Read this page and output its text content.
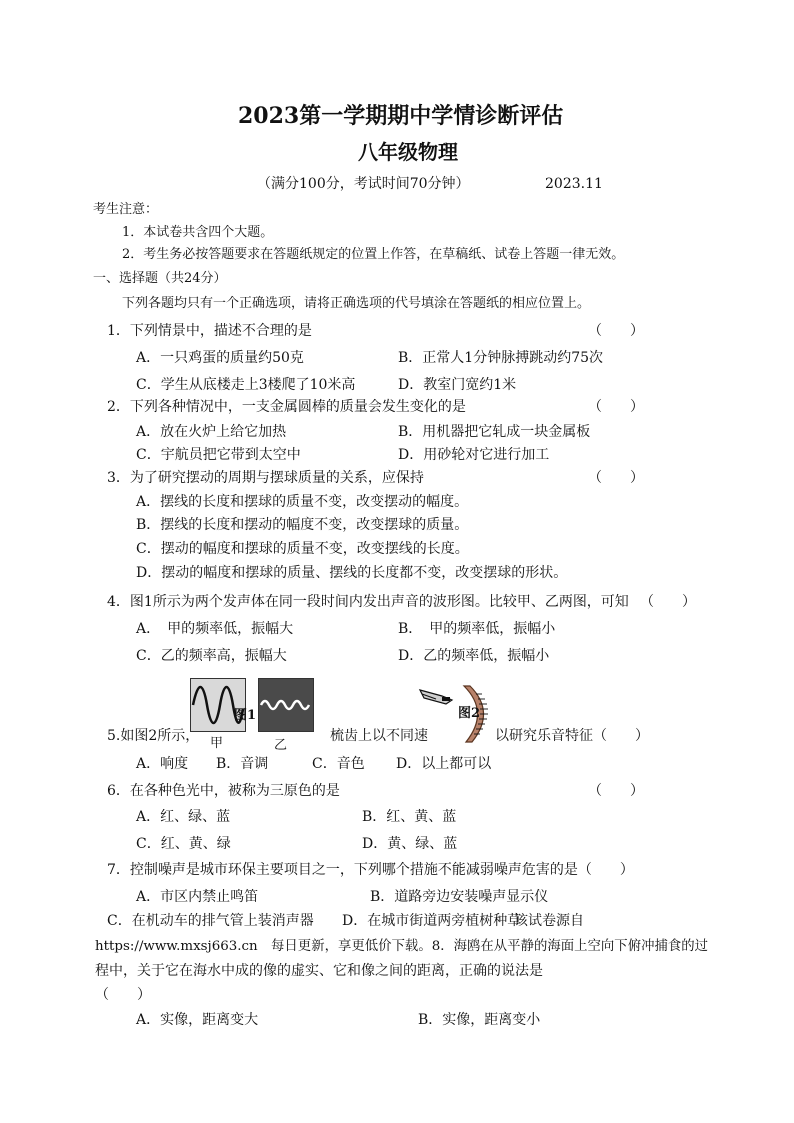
2023第一学期期中学情诊断评估
八年级物理
（满分100分，考试时间70分钟）	2023.11
考生注意：
1．本试卷共含四个大题。
2．考生务必按答题要求在答题纸规定的位置上作答，在草稿纸、试卷上答题一律无效。
一、选择题（共24分）
下列各题均只有一个正确选项，请将正确选项的代号填涂在答题纸的相应位置上。
1．下列情景中，描述不合理的是	（　　）
A．一只鸡蛋的质量约50克	B．正常人1分钟脉搏跳动约75次
C．学生从底楼走上3楼爬了10米高	D．教室门宽约1米
2．下列各种情况中，一支金属圆棒的质量会发生变化的是	（　　）
A．放在火炉上给它加热	B．用机器把它轧成一块金属板
C．宇航员把它带到太空中	D．用砂轮对它进行加工
3．为了研究摆动的周期与摆球质量的关系，应保持	（　　）
A．摆线的长度和摆球的质量不变，改变摆动的幅度。
B．摆线的长度和摆动的幅度不变，改变摆球的质量。
C．摆动的幅度和摆球的质量不变，改变摆线的长度。
D．摆动的幅度和摆球的质量、摆线的长度都不变，改变摆球的形状。
4．图1所示为两个发声体在同一段时间内发出声音的波形图。比较甲、乙两图，可知 （　　）
A．　甲的频率低，振幅大	B．　甲的频率低，振幅小
C．乙的频率高，振幅大	D．乙的频率低，振幅小
图1
甲	乙
图2
5.如图2所示，	梳齿上以不同速	以研究乐音特征（　　）
A．响度 B．音调	C．音色 D．以上都可以
6．在各种色光中，被称为三原色的是	（　　）
A．红、绿、蓝	B．红、黄、蓝
C．红、黄、绿	D．黄、绿、蓝
7．控制噪声是城市环保主要项目之一，下列哪个措施不能减弱噪声危害的是（　　）
A．市区内禁止鸣笛	B．道路旁边安装噪声显示仪
C．在机动车的排气管上装消声器 D．在城市街道两旁植树种草
该试卷源自
https://www.mxsj663.cn　每日更新，享更低价下载。8．海鸥在从平静的海面上空向下俯冲捕食的过
程中，关于它在海水中成的像的虚实、它和像之间的距离，正确的说法是
（　　）
A．实像，距离变大	B．实像，距离变小
